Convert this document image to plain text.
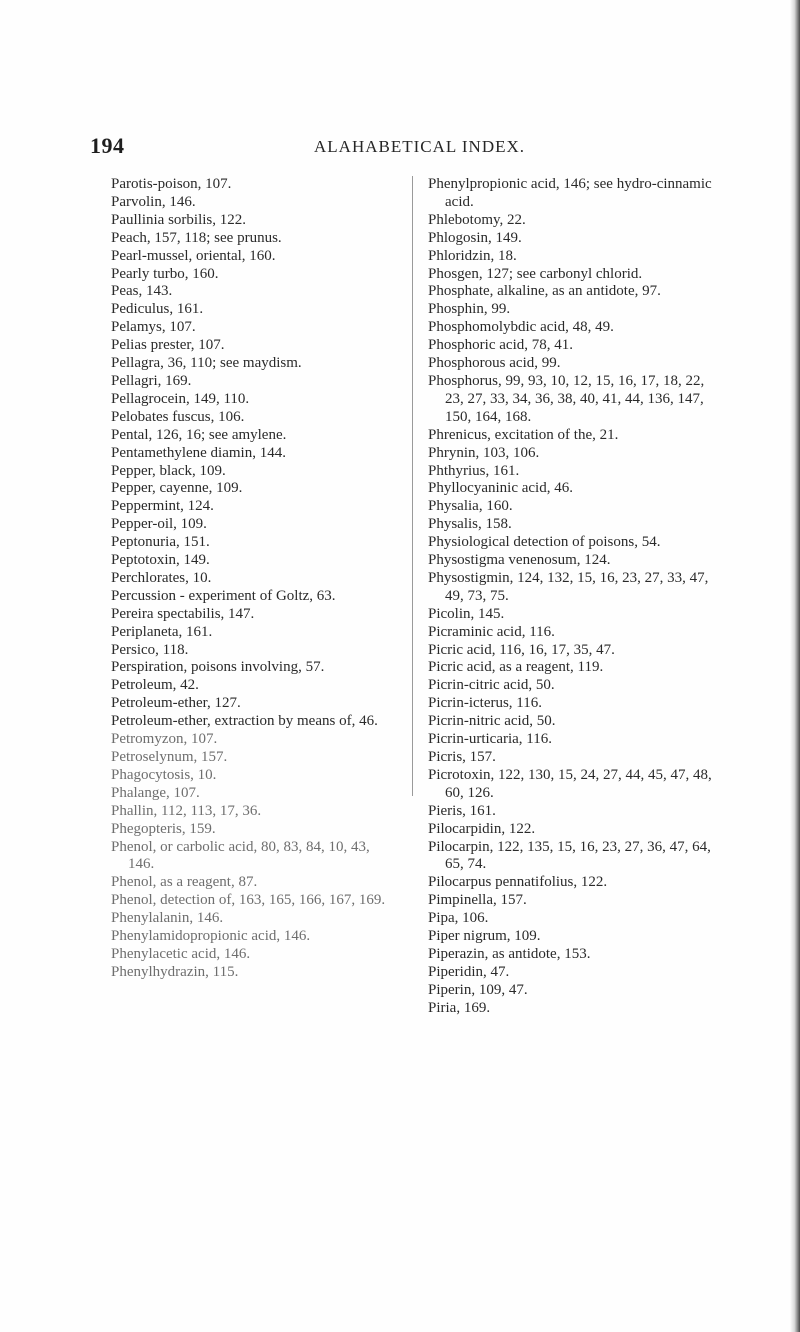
194	ALAHABETICAL INDEX.

Parotis-poison, 107.

Parvolin, 146.

Paullinia sorbilis, 122.

Peach, 157, 118; see prunus.

Pearl-mussel, oriental, 160.

Pearly turbo, 160.

Peas, 143.

Pediculus, 161.

Pelamys, 107.

Pelias prester, 107.

Pellagra, 36, 110; see maydism.

Pellagri, 169.

Pellagrocein, 149, 110.

Pelobates fuscus, 106.

Pental, 126, 16; see amylene.

Pentamethylene diamin, 144.

Pepper, black, 109.

Pepper, cayenne, 109.

Peppermint, 124.

Pepper-oil, 109.

Peptonuria, 151.

Peptotoxin, 149.

Perchlorates, 10.

Percussion - experiment of Goltz, 63.

Pereira spectabilis, 147.

Periplaneta, 161.

Persico, 118.

Perspiration, poisons involving, 57.

Petroleum, 42.

Petroleum-ether, 127.

Petroleum-ether, extraction by means of, 46.

Petromyzon, 107.

Petroselynum, 157.

Phagocytosis, 10.

Phalange, 107.

Phallin, 112, 113, 17, 36.

Phegopteris, 159.

Phenol, or carbolic acid, 80, 83, 84, 10, 43, 146.

Phenol, as a reagent, 87.

Phenol, detection of, 163, 165, 166, 167, 169.

Phenylalanin, 146.

Phenylamidopropionic acid, 146.

Phenylacetic acid, 146.

Phenylhydrazin, 115.

Phenylpropionic acid, 146; see hydro-cinnamic acid.

Phlebotomy, 22.

Phlogosin, 149.

Phloridzin, 18.

Phosgen, 127; see carbonyl chlorid.

Phosphate, alkaline, as an antidote, 97.

Phosphin, 99.

Phosphomolybdic acid, 48, 49.

Phosphoric acid, 78, 41.

Phosphorous acid, 99.

Phosphorus, 99, 93, 10, 12, 15, 16, 17, 18, 22, 23, 27, 33, 34, 36, 38, 40, 41, 44, 136, 147, 150, 164, 168.

Phrenicus, excitation of the, 21.

Phrynin, 103, 106.

Phthyrius, 161.

Phyllocyaninic acid, 46.

Physalia, 160.

Physalis, 158.

Physiological detection of poisons, 54.

Physostigma venenosum, 124.

Physostigmin, 124, 132, 15, 16, 23, 27, 33, 47, 49, 73, 75.

Picolin, 145.

Picraminic acid, 116.

Picric acid, 116, 16, 17, 35, 47.

Picric acid, as a reagent, 119.

Picrin-citric acid, 50.

Picrin-icterus, 116.

Picrin-nitric acid, 50.

Picrin-urticaria, 116.

Picris, 157.

Picrotoxin, 122, 130, 15, 24, 27, 44, 45, 47, 48, 60, 126.

Pieris, 161.

Pilocarpidin, 122.

Pilocarpin, 122, 135, 15, 16, 23, 27, 36, 47, 64, 65, 74.

Pilocarpus pennatifolius, 122.

Pimpinella, 157.

Pipa, 106.

Piper nigrum, 109.

Piperazin, as antidote, 153.

Piperidin, 47.

Piperin, 109, 47.

Piria, 169.
